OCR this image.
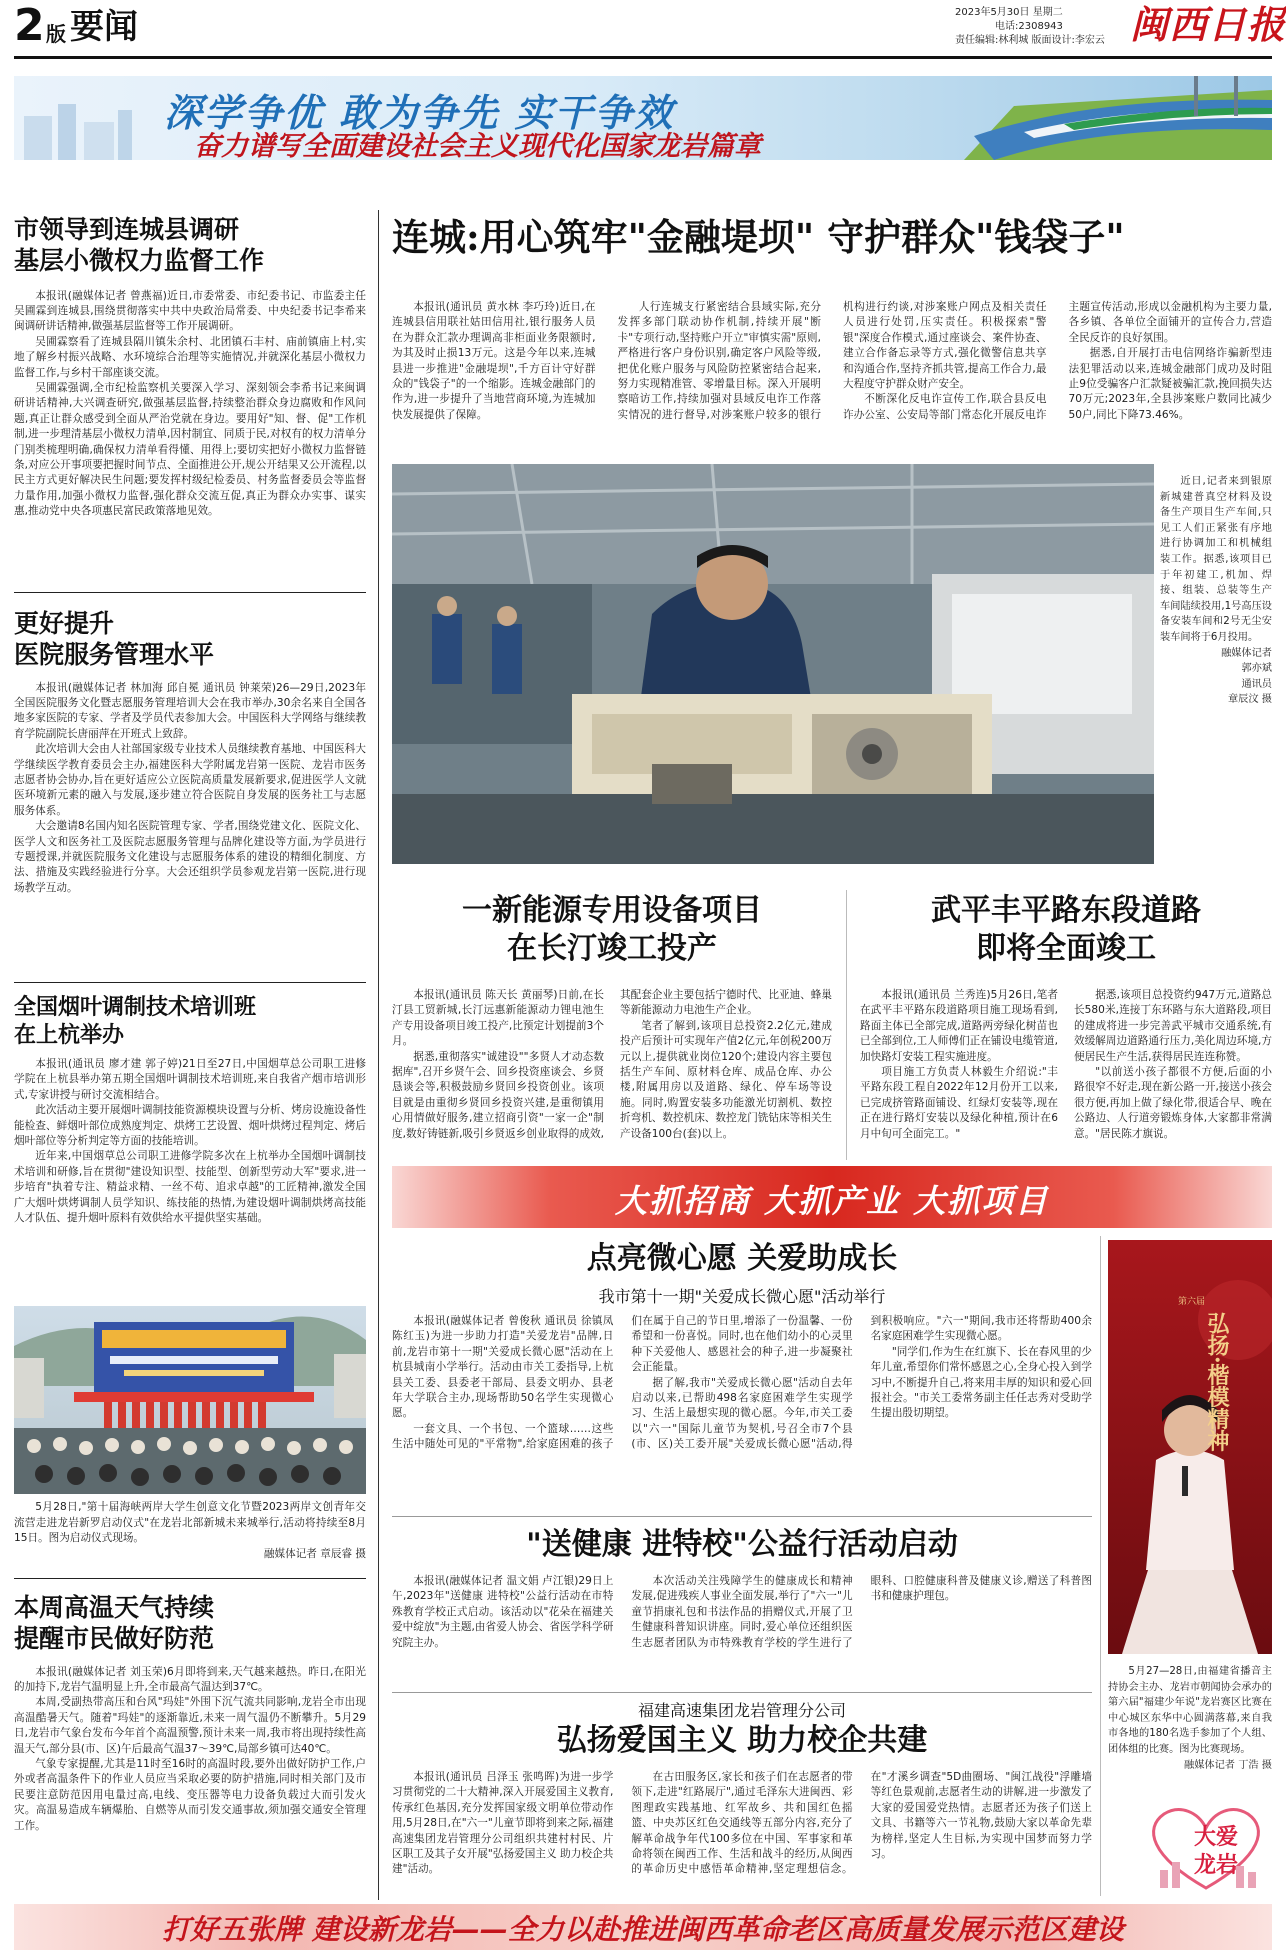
2 版 要闻	2023年5月30日 星期二
电话:2308943
责任编辑:林利城 版面设计:李宏云 闽西日报
深学争优 敢为争先 实干争效
奋力谱写全面建设社会主义现代化国家龙岩篇章
市领导到连城县调研
基层小微权力监督工作

本报讯(融媒体记者 曾燕福)近日,市委常委、市纪委书记、市监委主任吴圃霖到连城县,围绕贯彻落实中共中央政治局常委、中央纪委书记李希来闽调研讲话精神,做强基层监督等工作开展调研。

吴圃霖察看了连城县隔川镇朱余村、北团镇石丰村、庙前镇庙上村,实地了解乡村振兴战略、水环境综合治理等实施情况,并就深化基层小微权力监督工作,与乡村干部座谈交流。

吴圃霖强调,全市纪检监察机关要深入学习、深刻领会李希书记来闽调研讲话精神,大兴调查研究,做强基层监督,持续整治群众身边腐败和作风问题,真正让群众感受到全面从严治党就在身边。要用好"知、督、促"工作机制,进一步理清基层小微权力清单,因村制宜、同质于民,对权有的权力清单分门别类梳理明确,确保权力清单看得懂、用得上;要切实把好小微权力监督链条,对应公开事项要把握时间节点、全面推进公开,规公开结果又公开流程,以民主方式更好解决民生问题;要发挥村级纪检委员、村务监督委员会等监督力量作用,加强小微权力监督,强化群众交流互促,真正为群众办实事、谋实惠,推动党中央各项惠民富民政策落地见效。

更好提升
医院服务管理水平

本报讯(融媒体记者 林加海 邱自冕 通讯员 钟莱荣)26—29日,2023年全国医院服务文化暨志愿服务管理培训大会在我市举办,30余名来自全国各地多家医院的专家、学者及学员代表参加大会。中国医科大学网络与继续教育学院副院长唐丽萍在开班式上致辞。

此次培训大会由人社部国家级专业技术人员继续教育基地、中国医科大学继续医学教育委员会主办,福建医科大学附属龙岩第一医院、龙岩市医务志愿者协会协办,旨在更好适应公立医院高质量发展新要求,促进医学人文就医环境新元素的融入与发展,逐步建立符合医院自身发展的医务社工与志愿服务体系。

大会邀请8名国内知名医院管理专家、学者,围绕党建文化、医院文化、医学人文和医务社工及医院志愿服务管理与品牌化建设等方面,为学员进行专题授课,并就医院服务文化建设与志愿服务体系的建设的精细化制度、方法、措施及实践经验进行分享。大会还组织学员参观龙岩第一医院,进行现场教学互动。

全国烟叶调制技术培训班
在上杭举办

本报讯(通讯员 廖才建 郭子婷)21日至27日,中国烟草总公司职工进修学院在上杭县举办第五期全国烟叶调制技术培训班,来自我省产烟市培训形式,专家讲授与研讨交流相结合。

此次活动主要开展烟叶调制技能资源模块设置与分析、烤房设施设备性能检查、鲜烟叶部位成熟度判定、烘烤工艺设置、烟叶烘烤过程判定、烤后烟叶部位等分析判定等方面的技能培训。

近年来,中国烟草总公司职工进修学院多次在上杭举办全国烟叶调制技术培训和研修,旨在贯彻"建设知识型、技能型、创新型劳动大军"要求,进一步培育"执着专注、精益求精、一丝不苟、追求卓越"的工匠精神,激发全国广大烟叶烘烤调制人员学知识、练技能的热情,为建设烟叶调制烘烤高技能人才队伍、提升烟叶原料有效供给水平提供坚实基础。

5月28日,"第十届海峡两岸大学生创意文化节暨2023两岸文创青年交流营走进龙岩新罗启动仪式"在龙岩北部新城未来城举行,活动将持续至8月15日。图为启动仪式现场。
融媒体记者 章辰睿 摄
本周高温天气持续
提醒市民做好防范

本报讯(融媒体记者 刘玉荣)6月即将到来,天气越来越热。昨日,在阳光的加持下,龙岩气温明显上升,全市最高气温达到37℃。

本周,受副热带高压和台风"玛娃"外围下沉气流共同影响,龙岩全市出现高温酷暑天气。随着"玛娃"的逐渐靠近,未来一周气温仍不断攀升。5月29日,龙岩市气象台发布今年首个高温预警,预计未来一周,我市将出现持续性高温天气,部分县(市、区)午后最高气温37～39℃,局部乡镇可达40℃。

气象专家提醒,尤其是11时至16时的高温时段,要外出做好防护工作,户外或者高温条件下的作业人员应当采取必要的防护措施,同时相关部门及市民要注意防范因用电量过高,电线、变压器等电力设备负载过大而引发火灾。高温易造成车辆爆胎、自燃等从而引发交通事故,须加强交通安全管理工作。

连城:用心筑牢"金融堤坝" 守护群众"钱袋子"

本报讯(通讯员 黄水林 李巧玲)近日,在连城县信用联社姑田信用社,银行服务人员在为群众汇款办理调高非柜面业务限额时,为其及时止损13万元。这是今年以来,连城县进一步推进"金融堤坝",千方百计守好群众的"钱袋子"的一个缩影。连城金融部门的作为,进一步提升了当地营商环境,为连城加快发展提供了保障。

人行连城支行紧密结合县域实际,充分发挥多部门联动协作机制,持续开展"断卡"专项行动,坚持账户开立"审慎实需"原则,严格进行客户身份识别,确定客户风险等级,把优化账户服务与风险防控紧密结合起来,努力实现精准管、零增量目标。深入开展明察暗访工作,持续加强对县域反电诈工作落实情况的进行督导,对涉案账户较多的银行机构进行约谈,对涉案账户网点及相关责任人员进行处罚,压实责任。积极探索"警银"深度合作模式,通过座谈会、案件协查、建立合作备忘录等方式,强化微警信息共享和沟通合作,坚持齐抓共管,提高工作合力,最大程度守护群众财产安全。

不断深化反电诈宣传工作,联合县反电诈办公室、公安局等部门常态化开展反电诈主题宣传活动,形成以金融机构为主要力量,各乡镇、各单位全面铺开的宣传合力,营造全民反诈的良好氛围。

据悉,自开展打击电信网络诈骗新型违法犯罪活动以来,连城金融部门成功及时阻止9位受骗客户汇款疑被骗汇款,挽回损失达70万元;2023年,全县涉案账户数同比减少50户,同比下降73.46%。

近日,记者来到银原新城建普真空材料及设备生产项目生产车间,只见工人们正紧张有序地进行协调加工和机械组装工作。据悉,该项目已于年初建工,机加、焊接、组装、总装等生产车间陆续投用,1号高压设备安装车间和2号无尘安装车间将于6月投用。
融媒体记者
郭亦斌
通讯员
章辰汶 摄
一新能源专用设备项目
在长汀竣工投产

本报讯(通讯员 陈天长 黄丽琴)日前,在长汀县工贸新城,长汀远惠新能源动力锂电池生产专用设备项目竣工投产,比预定计划提前3个月。

据悉,重彻落实"诚建设""多贤人才动态数据库",召开乡贤午会、回乡投资座谈会、乡贤恳谈会等,积极鼓励乡贤回乡投资创业。该项目就是由重彻乡贤回乡投资兴建,是重彻镇用心用情做好服务,建立招商引资"一家一企"制度,数好铸链新,吸引乡贤返乡创业取得的成效,其配套企业主要包括宁德时代、比亚迪、蜂巢等新能源动力电池生产企业。

笔者了解到,该项目总投资2.2亿元,建成投产后预计可实现年产值2亿元,年创税200万元以上,提供就业岗位120个;建设内容主要包括生产车间、原材料仓库、成品仓库、办公楼,附属用房以及道路、绿化、停车场等设施。同时,购置安装多功能激光切割机、数控折弯机、数控机床、数控龙门铣钻床等相关生产设备100台(套)以上。

武平丰平路东段道路
即将全面竣工

本报讯(通讯员 兰秀连)5月26日,笔者在武平丰平路东段道路项目施工现场看到,路面主体已全部完成,道路两旁绿化树苗也已全部到位,工人师傅们正在铺设电缆管道,加快路灯安装工程实施进度。

项目施工方负责人林毅生介绍说:"丰平路东段工程自2022年12月份开工以来,已完成挤管路面铺设、红绿灯安装等,现在正在进行路灯安装以及绿化种植,预计在6月中旬可全面完工。"

据悉,该项目总投资约947万元,道路总长580米,连接丁东环路与东大道路段,项目的建成将进一步完善武平城市交通系统,有效缓解周边道路通行压力,美化周边环境,方便居民生产生活,获得居民连连称赞。

"以前送小孩子都很不方便,后面的小路很窄不好走,现在新公路一开,接送小孩会很方便,再加上做了绿化带,很适合早、晚在公路边、人行道旁锻炼身体,大家都非常满意。"居民陈才旗说。

大抓招商 大抓产业 大抓项目
点亮微心愿 关爱助成长
我市第十一期"关爱成长微心愿"活动举行

本报讯(融媒体记者 曾俊秋 通讯员 徐镇凤 陈红玉)为进一步助力打造"关爱龙岩"品牌,日前,龙岩市第十一期"关爱成长微心愿"活动在上杭县城南小学举行。活动由市关工委指导,上杭县关工委、县委老干部局、县委文明办、县老年大学联合主办,现场帮助50名学生实现微心愿。

一套文具、一个书包、一个篮球……这些生活中随处可见的"平常物",给家庭困难的孩子们在属于自己的节日里,增添了一份温馨、一份希望和一份喜悦。同时,也在他们幼小的心灵里种下关爱他人、感恩社会的种子,进一步凝聚社会正能量。

据了解,我市"关爱成长微心愿"活动自去年启动以来,已帮助498名家庭困难学生实现学习、生活上最想实现的微心愿。今年,市关工委以"六一"国际儿童节为契机,号召全市7个县(市、区)关工委开展"关爱成长微心愿"活动,得到积极响应。"六一"期间,我市还将帮助400余名家庭困难学生实现微心愿。

"同学们,作为生在红旗下、长在春风里的少年儿童,希望你们常怀感恩之心,全身心投入到学习中,不断提升自己,将来用丰厚的知识和爱心回报社会。"市关工委常务副主任任志秀对受助学生提出殷切期望。

"送健康 进特校"公益行活动启动

本报讯(融媒体记者 温文娟 卢江银)29日上午,2023年"送健康 进特校"公益行活动在市特殊教育学校正式启动。该活动以"花朵在福建关爱中绽放"为主题,由省爱人协会、省医学科学研究院主办。

本次活动关注残障学生的健康成长和精神发展,促进残疾人事业全面发展,举行了"六一"儿童节捐康礼包和书法作品的捐赠仪式,开展了卫生健康科普知识讲座。同时,爱心单位还组织医生志愿者团队为市特殊教育学校的学生进行了眼科、口腔健康科普及健康义诊,赠送了科普图书和健康护理包。

福建高速集团龙岩管理分公司
弘扬爱国主义 助力校企共建

本报讯(通讯员 吕泽玉 张鸣晖)为进一步学习贯彻党的二十大精神,深入开展爱国主义教育,传承红色基因,充分发挥国家级文明单位带动作用,5月28日,在"六一"儿童节即将到来之际,福建高速集团龙岩管理分公司组织共建村村民、片区职工及其子女开展"弘扬爱国主义 助力校企共建"活动。

在古田服务区,家长和孩子们在志愿者的带领下,走进"红路展厅",通过毛泽东大进闽西、彩图理政实践基地、红军故乡、共和国红色摇篮、中央苏区红色交通线等五部分内容,充分了解革命战争年代100多位在中国、军事家和革命将领在闽西工作、生活和战斗的经历,从闽西的革命历史中感悟革命精神,坚定理想信念。在"才溪乡调查"5D曲圈场、"闽江战役"浮雕墙等红色景观前,志愿者生动的讲解,进一步激发了大家的爱国爱党热情。志愿者还为孩子们送上文具、书籍等六一节礼物,鼓励大家以革命先辈为榜样,坚定人生目标,为实现中国梦而努力学习。

第六届
弘扬·楷模精神
5月27—28日,由福建省播音主持协会主办、龙岩市朝闻协会承办的第六届"福建少年说"龙岩赛区比赛在中心城区东华中心圆满落幕,来自我市各地的180名选手参加了个人组、团体组的比赛。图为比赛现场。
融媒体记者 丁浩 摄
大爱
龙岩
打好五张牌 建设新龙岩——全力以赴推进闽西革命老区高质量发展示范区建设
